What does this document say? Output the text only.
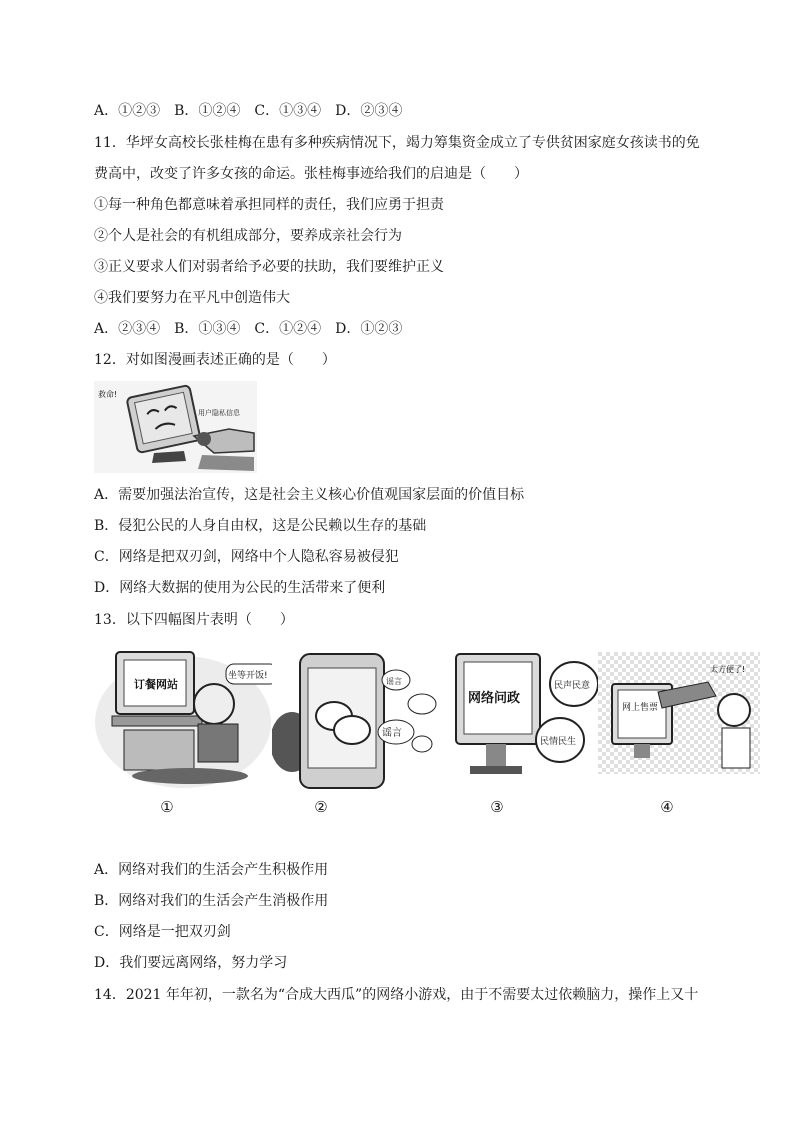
A．①②③　B．①②④　C．①③④　D．②③④
11．华坪女高校长张桂梅在患有多种疾病情况下，竭力筹集资金成立了专供贫困家庭女孩读书的免
费高中，改变了许多女孩的命运。张桂梅事迹给我们的启迪是（　　）
①每一种角色都意味着承担同样的责任，我们应勇于担责
②个人是社会的有机组成部分，要养成亲社会行为
③正义要求人们对弱者给予必要的扶助，我们要维护正义
④我们要努力在平凡中创造伟大
A．②③④　B．①③④　C．①②④　D．①②③
12．对如图漫画表述正确的是（　　）
救命!
用户隐私信息
A．需要加强法治宣传，这是社会主义核心价值观国家层面的价值目标
B．侵犯公民的人身自由权，这是公民赖以生存的基础
C．网络是把双刃剑，网络中个人隐私容易被侵犯
D．网络大数据的使用为公民的生活带来了便利
13．以下四幅图片表明（　　）
订餐网站
坐等开饭!
谣言
谣言
网络问政
民声民意
民情民生
网上售票
太方便了!
①	②	③	④
A．网络对我们的生活会产生积极作用
B．网络对我们的生活会产生消极作用
C．网络是一把双刃剑
D．我们要远离网络，努力学习
14．2021 年年初，一款名为“合成大西瓜”的网络小游戏，由于不需要太过依赖脑力，操作上又十
